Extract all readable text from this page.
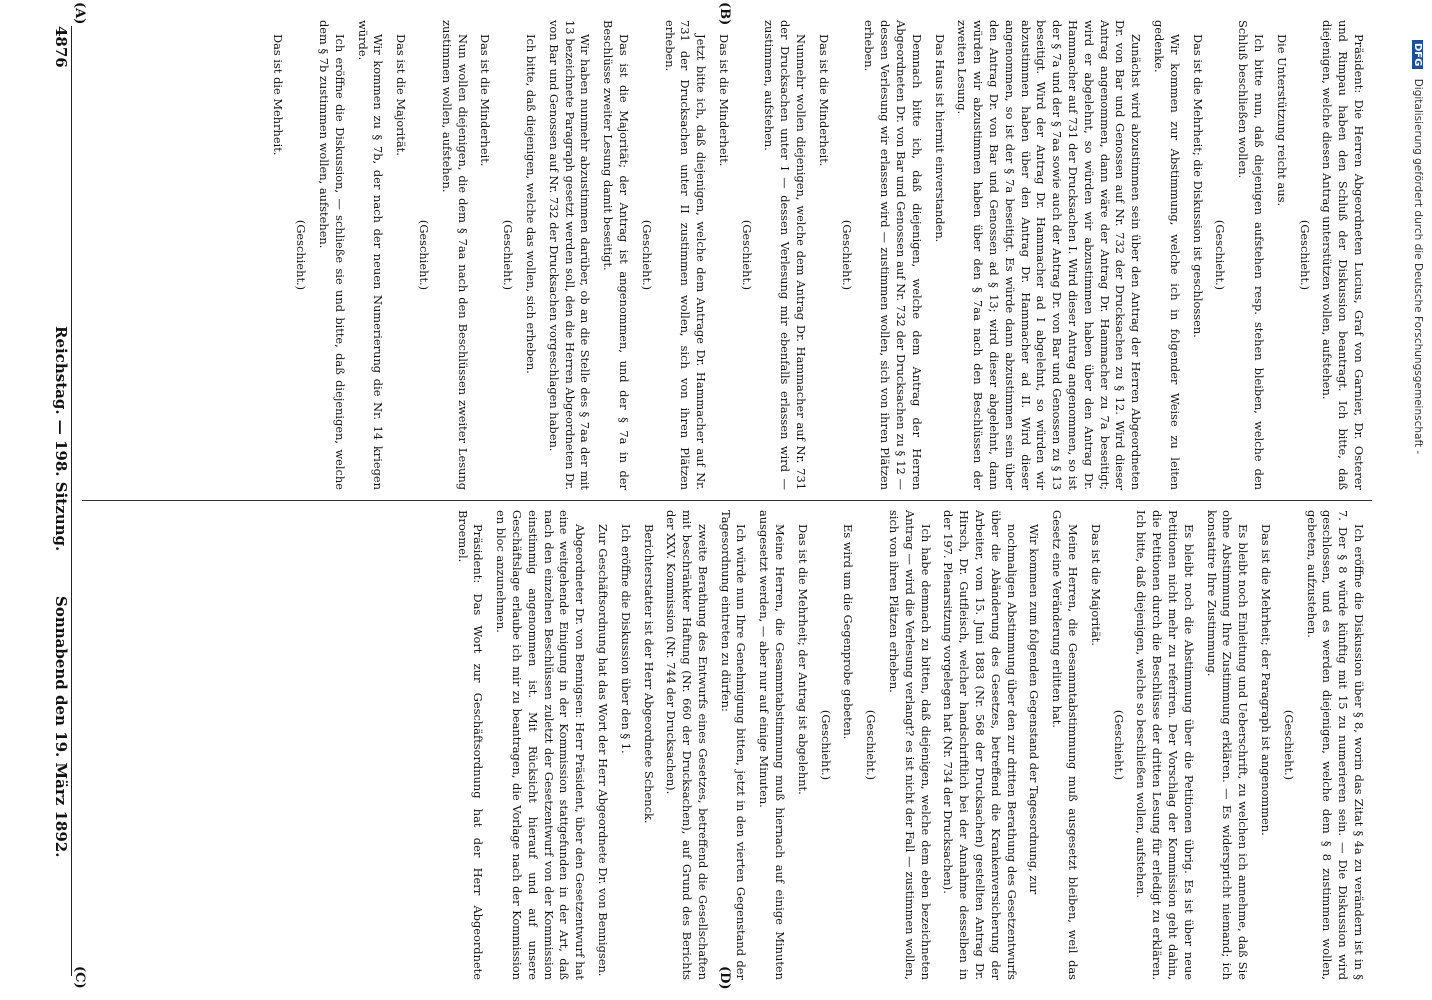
4876
Reichstag. — 198. Sitzung.
Sonnabend den 19. März 1892.
(A)	(B)
(C)	(D)

Präsident: Die Herren Abgeordneten Lucius, Graf von Garnier, Dr. Osterer und Rimpau haben den Schluß der Diskussion beantragt. Ich bitte, daß diejenigen, welche diesen Antrag unterstützen wollen, aufstehen.

(Geschieht.)

Die Unterstützung reicht aus.

Ich bitte nun, daß diejenigen aufstehen resp. stehen bleiben, welche den Schluß beschließen wollen.

(Geschieht.)

Das ist die Mehrheit; die Diskussion ist geschlossen.

Wir kommen zur Abstimmung, welche ich in folgender Weise zu leiten gedenke.

Zunächst wird abzustimmen sein über den Antrag der Herren Abgeordneten Dr. von Bar und Genossen auf Nr. 732 der Drucksachen zu § 12. Wird dieser Antrag angenommen, dann wäre der Antrag Dr. Hammacher zu 7a beseitigt; wird er abgelehnt, so würden wir abzustimmen haben über den Antrag Dr. Hammacher auf 731 der Drucksachen I. Wird dieser Antrag angenommen, so ist der § 7a und der § 7aa sowie auch der Antrag Dr. von Bar und Genossen zu § 13 beseitigt. Wird der Antrag Dr. Hammacher ad I abgelehnt, so würden wir abzustimmen haben über den Antrag Dr. Hammacher ad II. Wird dieser angenommen, so ist der § 7a beseitigt. Es würde dann abzustimmen sein über den Antrag Dr. von Bar und Genossen ad § 13; wird dieser abgelehnt, dann würden wir abzustimmen haben über den § 7aa nach den Beschlüssen der zweiten Lesung.

Das Haus ist hiermit einverstanden.

Demnach bitte ich, daß diejenigen, welche dem Antrag der Herren Abgeordneten Dr. von Bar und Genossen auf Nr. 732 der Drucksachen zu § 12 — dessen Verlesung wir erlassen wird — zustimmen wollen, sich von ihren Plätzen erheben.

(Geschieht.)

Das ist die Minderheit.

Nunmehr wollen diejenigen, welche dem Antrag Dr. Hammacher auf Nr. 731 der Drucksachen unter I — dessen Verlesung mir ebenfalls erlassen wird — zustimmen, aufstehen.

(Geschieht.)

Das ist die Minderheit.

Jetzt bitte ich, daß diejenigen, welche dem Antrage Dr. Hammacher auf Nr. 731 der Drucksachen unter II zustimmen wollen, sich von ihren Plätzen erheben.

(Geschieht.)

Das ist die Majorität; der Antrag ist angenommen, und der § 7a in der Beschlüsse zweiter Lesung damit beseitigt.

Wir haben nunmehr abzustimmen darüber, ob an die Stelle des § 7aa der mit 13 bezeichnete Paragraph gesetzt werden soll, den die Herren Abgeordneten Dr. von Bar und Genossen auf Nr. 732 der Drucksachen vorgeschlagen haben.

Ich bitte, daß diejenigen, welche das wollen, sich erheben.

(Geschieht.)

Das ist die Minderheit.

Nun wollen diejenigen, die dem § 7aa nach den Beschlüssen zweiter Lesung zustimmen wollen, aufstehen.

(Geschieht.)

Das ist die Majorität.

Wir kommen zu § 7b, der nach der neuen Numerierung die Nr. 14 kriegen würde.

Ich eröffne die Diskussion, — schließe sie und bitte, daß diejenigen, welche dem § 7b zustimmen wollen, aufstehen.

(Geschieht.)

Das ist die Mehrheit.

Ich eröffne die Diskussion über § 8, worin das Zitat § 4a zu verändern ist in § 7. Der § 8 würde künftig mit 15 zu numerieren sein. — Die Diskussion wird geschlossen, und es werden diejenigen, welche dem § 8 zustimmen wollen, gebeten, aufzustehen.

(Geschieht.)

Das ist die Mehrheit; der Paragraph ist angenommen.

Es bleibt noch Einleitung und Ueberschrift, zu welchen ich annehme, daß Sie ohne Abstimmung Ihre Zustimmung erklären. — Es widerspricht niemand; ich konstatire Ihre Zustimmung.

Es bleibt noch die Abstimmung über die Petitionen übrig. Es ist über neue Petitionen nicht mehr zu referiren. Der Vorschlag der Kommission geht dahin, die Petitionen durch die Beschlüsse der dritten Lesung für erledigt zu erklären. Ich bitte, daß diejenigen, welche so beschließen wollen, aufstehen.

(Geschieht.)

Das ist die Majorität.

Meine Herren, die Gesammtabstimmung muß ausgesetzt bleiben, weil das Gesetz eine Veränderung erlitten hat.

Wir kommen zum folgenden Gegenstand der Tagesordnung, zur

nochmaligen Abstimmung über den zur dritten Berathung des Gesetzentwurfs über die Abänderung des Gesetzes, betreffend die Krankenversicherung der Arbeiter, vom 15. Juni 1883 (Nr. 568 der Drucksachen) gestellten Antrag Dr. Hirsch, Dr. Gutfleisch, welcher handschriftlich bei der Annahme desselben in der 197. Plenarsitzung vorgelegen hat (Nr. 734 der Drucksachen).

Ich habe demnach zu bitten, daß diejenigen, welche dem eben bezeichneten Antrag — wird die Verlesung verlangt? es ist nicht der Fall — zustimmen wollen, sich von ihren Plätzen erheben.

(Geschieht.)

Es wird um die Gegenprobe gebeten.

(Geschieht.)

Das ist die Mehrheit; der Antrag ist abgelehnt.

Meine Herren, die Gesammtabstimmung muß hiernach auf einige Minuten ausgesetzt werden, — aber nur auf einige Minuten.

Ich würde nun Ihre Genehmigung bitten, jetzt in den vierten Gegenstand der Tagesordnung eintreten zu dürfen:

zweite Berathung des Entwurfs eines Gesetzes, betreffend die Gesellschaften mit beschränkter Haftung (Nr. 660 der Drucksachen), auf Grund des Berichts der XXV. Kommission (Nr. 744 der Drucksachen).

Berichterstatter ist der Herr Abgeordnete Schenck.

Ich eröffne die Diskussion über den § 1.

Zur Geschäftsordnung hat das Wort der Herr Abgeordnete Dr. von Bennigsen.

Abgeordneter Dr. von Bennigsen: Herr Präsident, über den Gesetzentwurf hat eine weitgehende Einigung in der Kommission stattgefunden in der Art, daß nach den einzelnen Beschlüssen zuletzt der Gesetzentwurf von der Kommission einstimmig angenommen ist. Mit Rücksicht hierauf und auf unsere Geschäftslage erlaube ich mir zu beantragen, die Vorlage nach der Kommission en bloc anzunehmen.

Präsident: Das Wort zur Geschäftsordnung hat der Herr Abgeordnete Broemel.

DFG Digitalisierung gefördert durch die Deutsche Forschungsgemeinschaft -
